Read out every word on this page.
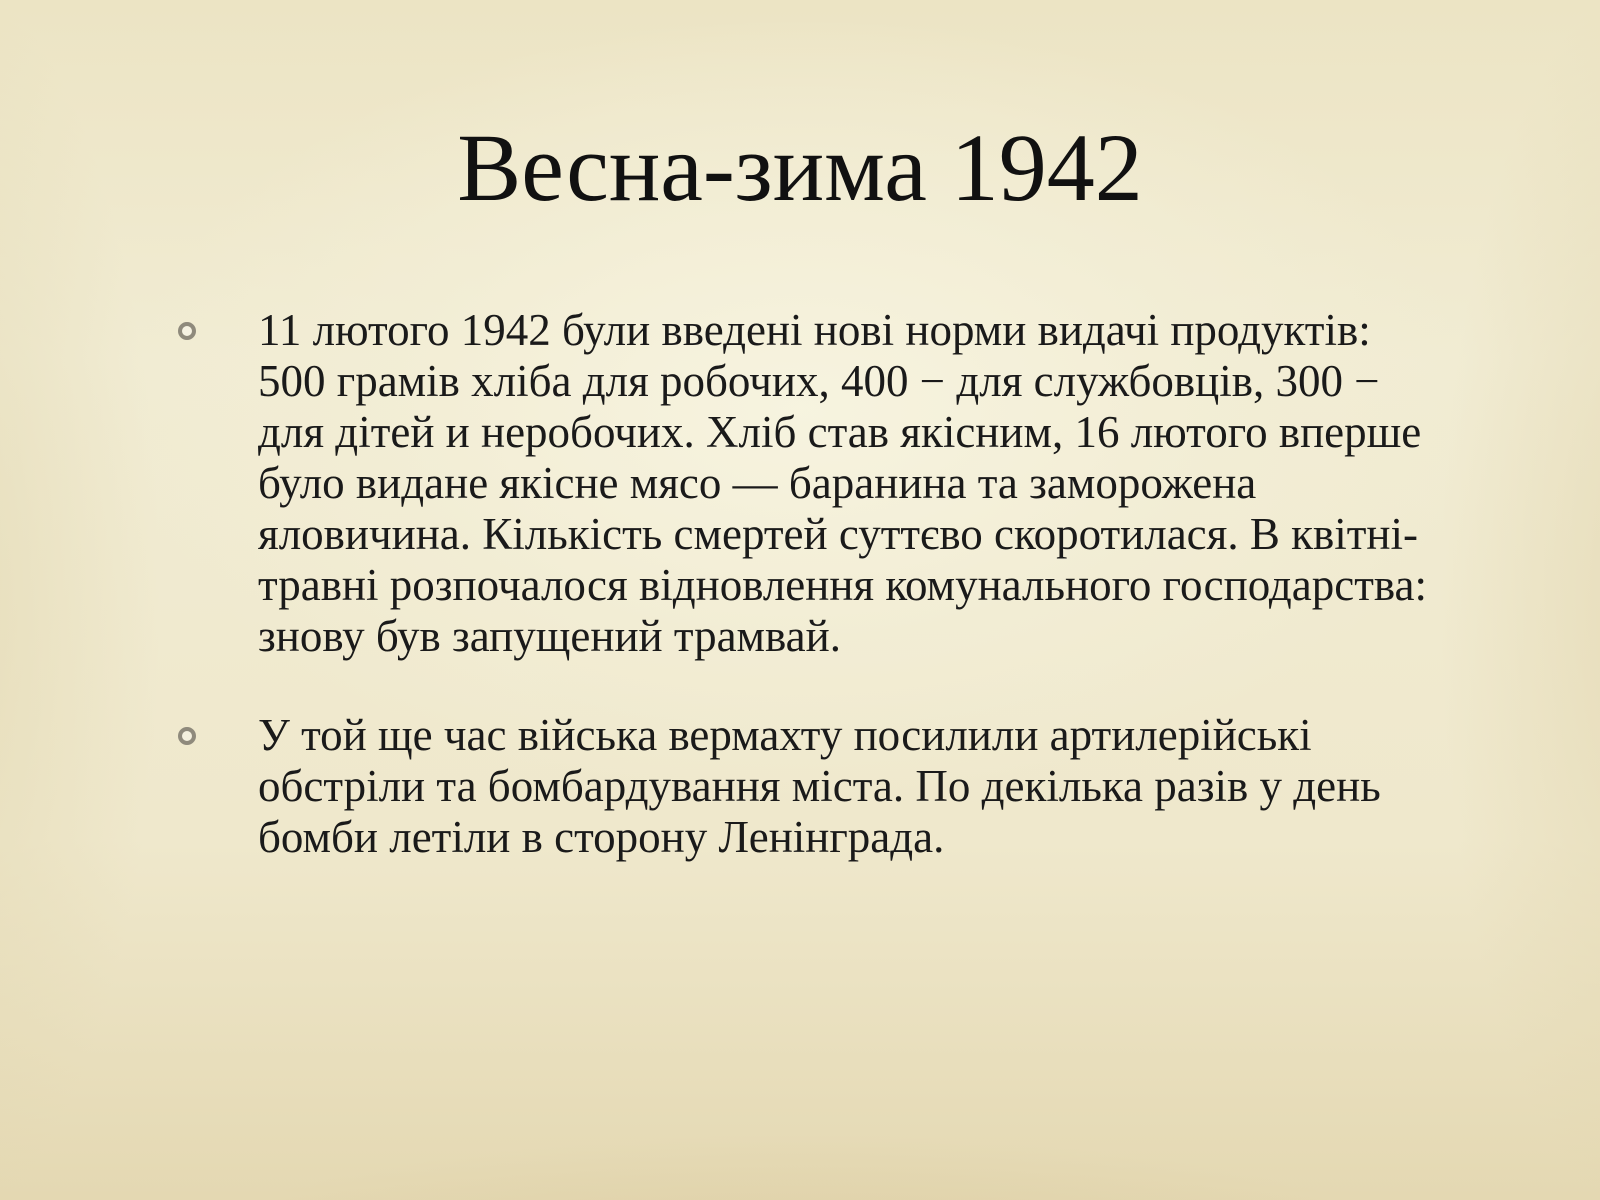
Весна-зима 1942
11 лютого 1942 були введені нові норми видачі продуктів: 500 грамів хліба для робочих, 400 − для службовців, 300 − для дітей и неробочих. Хліб став якісним, 16 лютого вперше було видане якісне мясо — баранина та заморожена яловичина. Кількість смертей суттєво скоротилася. В квітні-травні розпочалося відновлення комунального господарства: знову був запущений трамвай.
У той ще час війська вермахту посилили артилерійські обстріли та бомбардування міста. По декілька разів у день бомби летіли в сторону Ленінграда.
